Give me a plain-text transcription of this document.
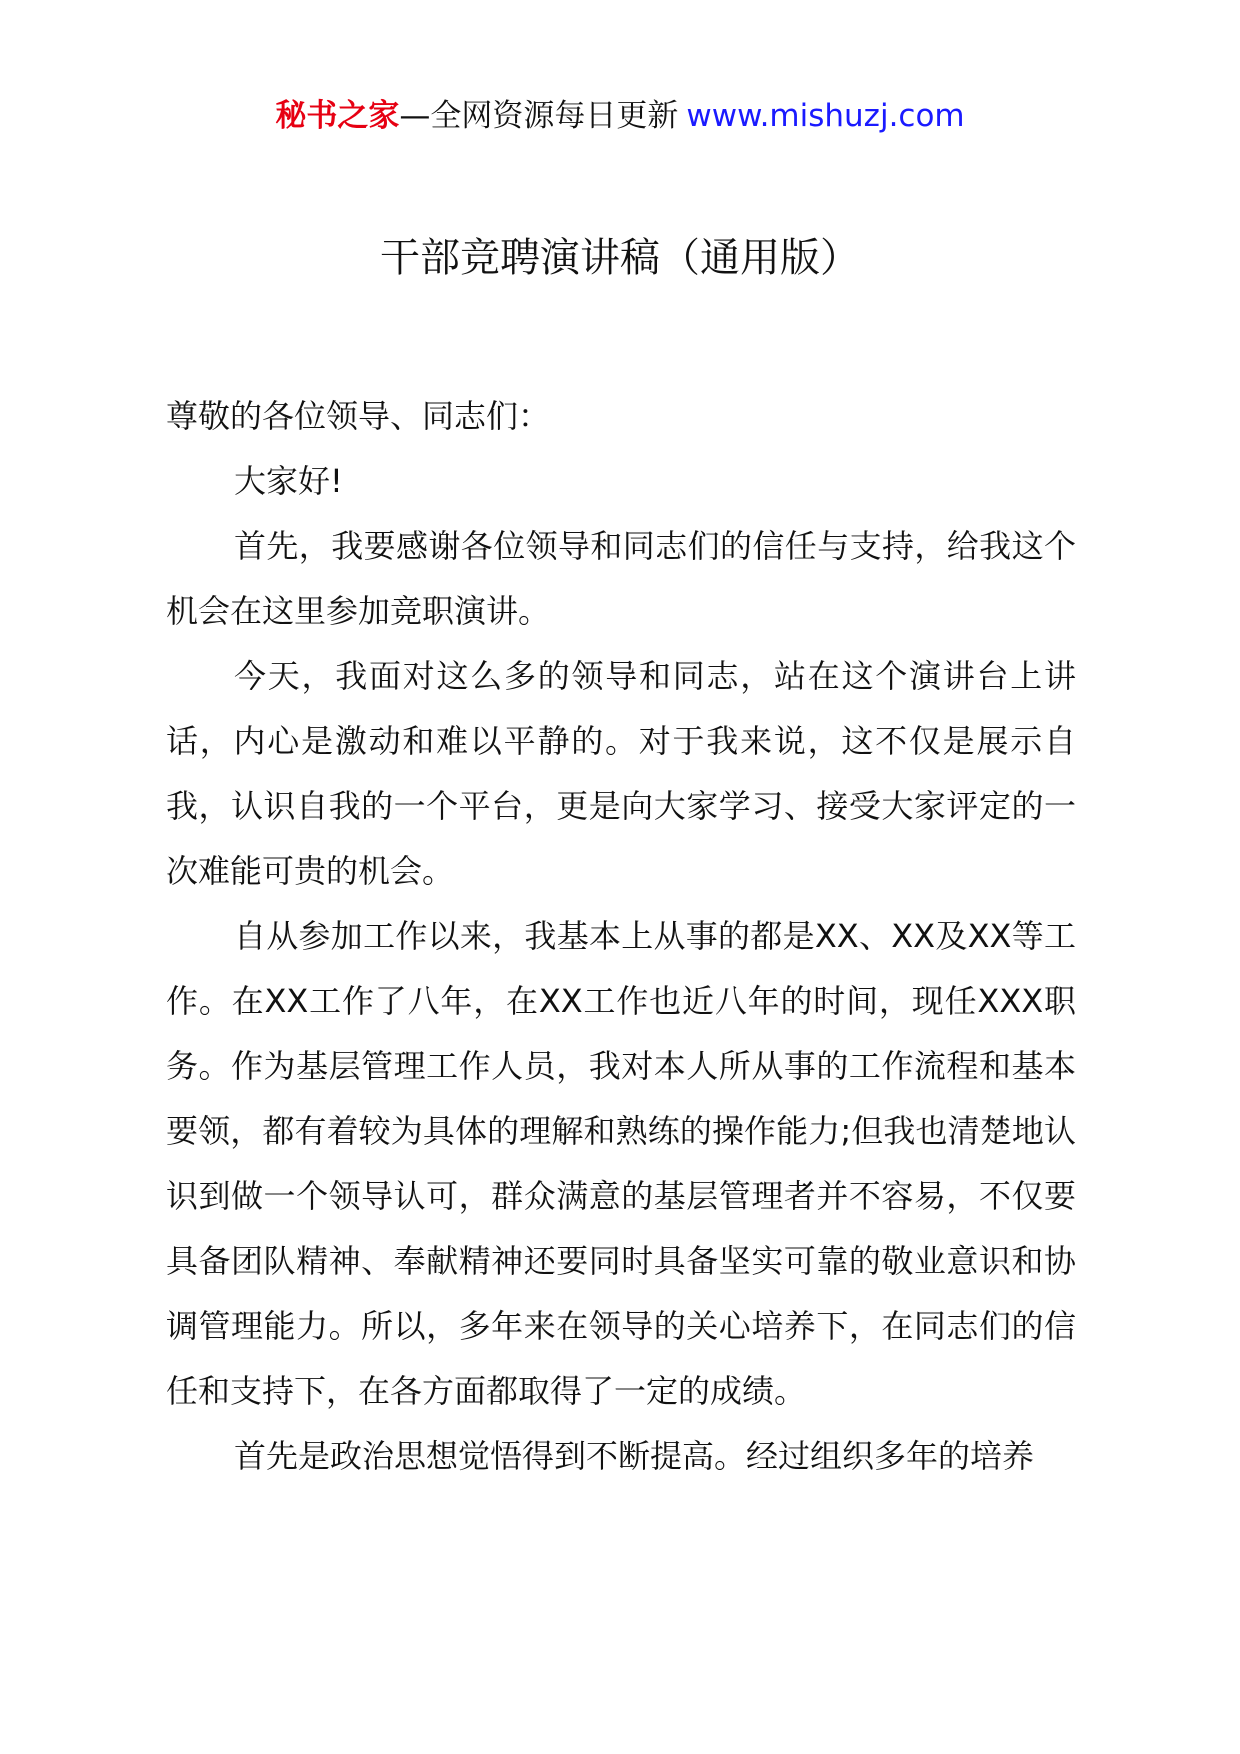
秘书之家—全网资源每日更新 www.mishuzj.com
干部竞聘演讲稿（通用版）

尊敬的各位领导、同志们：

大家好!

首先，我要感谢各位领导和同志们的信任与支持，给我这个机会在这里参加竞职演讲。

今天，我面对这么多的领导和同志，站在这个演讲台上讲话，内心是激动和难以平静的。对于我来说，这不仅是展示自我，认识自我的一个平台，更是向大家学习、接受大家评定的一次难能可贵的机会。

自从参加工作以来，我基本上从事的都是XX、XX及XX等工作。在XX工作了八年，在XX工作也近八年的时间，现任XXX职务。作为基层管理工作人员，我对本人所从事的工作流程和基本要领，都有着较为具体的理解和熟练的操作能力;但我也清楚地认识到做一个领导认可，群众满意的基层管理者并不容易，不仅要具备团队精神、奉献精神还要同时具备坚实可靠的敬业意识和协调管理能力。所以，多年来在领导的关心培养下，在同志们的信任和支持下，在各方面都取得了一定的成绩。

首先是政治思想觉悟得到不断提高。经过组织多年的培养
